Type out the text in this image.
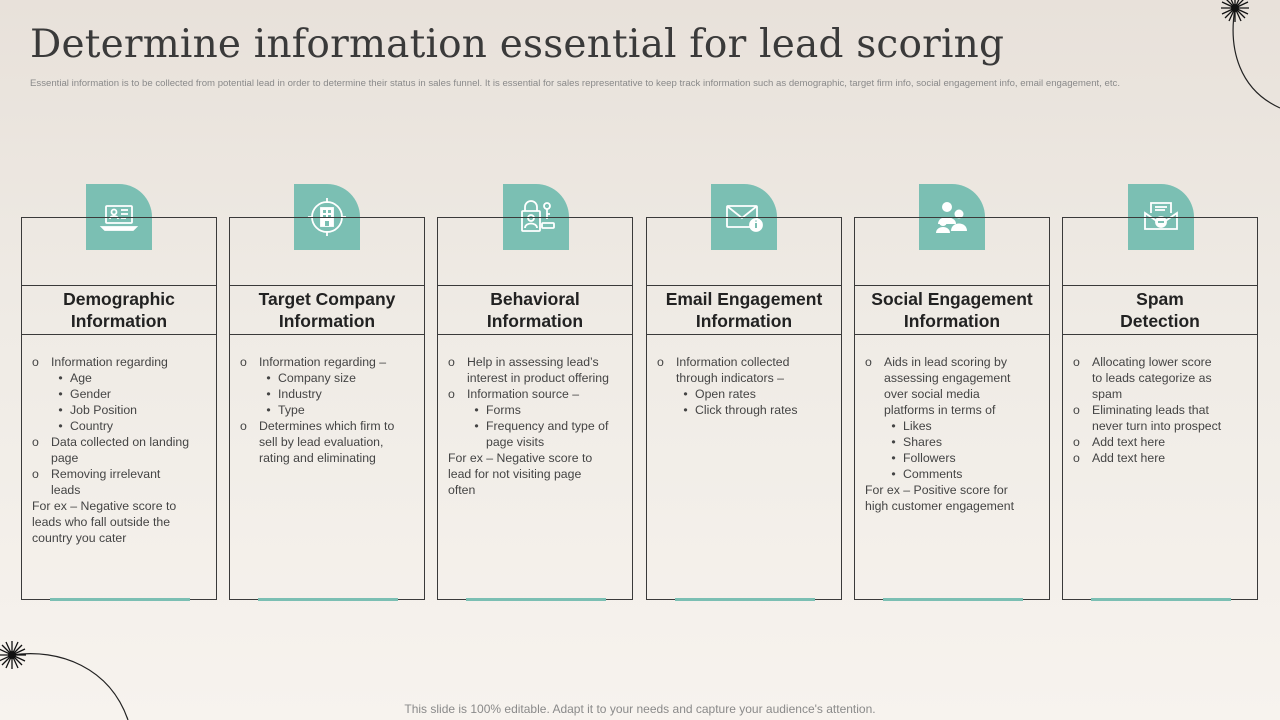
Determine information essential for lead scoring
Essential information is to be collected from potential lead in order to determine their status in sales funnel. It is essential for sales representative to keep track information such as demographic, target firm info, social engagement info, email engagement, etc.
Demographic
Information
o Information regarding
• Age
• Gender
• Job Position
• Country
o Data collected on landing
page
o Removing irrelevant
leads
For ex – Negative score to
leads who fall outside the
country you cater
Target Company
Information
o Information regarding –
• Company size
• Industry
• Type
o Determines which firm to
sell by lead evaluation,
rating and eliminating
Behavioral
Information
o Help in assessing lead’s
interest in product offering
o Information source –
• Forms
• Frequency and type of
page visits
For ex – Negative score to
lead for not visiting page
often
Email Engagement
Information
o Information collected
through indicators –
• Open rates
• Click through rates
Social Engagement
Information
o Aids in lead scoring by
assessing engagement
over social media
platforms in terms of
• Likes
• Shares
• Followers
• Comments
For ex – Positive score for
high customer engagement
Spam
Detection
o Allocating lower score
to leads categorize as
spam
o Eliminating leads that
never turn into prospect
o Add text here
o Add text here
This slide is 100% editable. Adapt it to your needs and capture your audience's attention.
